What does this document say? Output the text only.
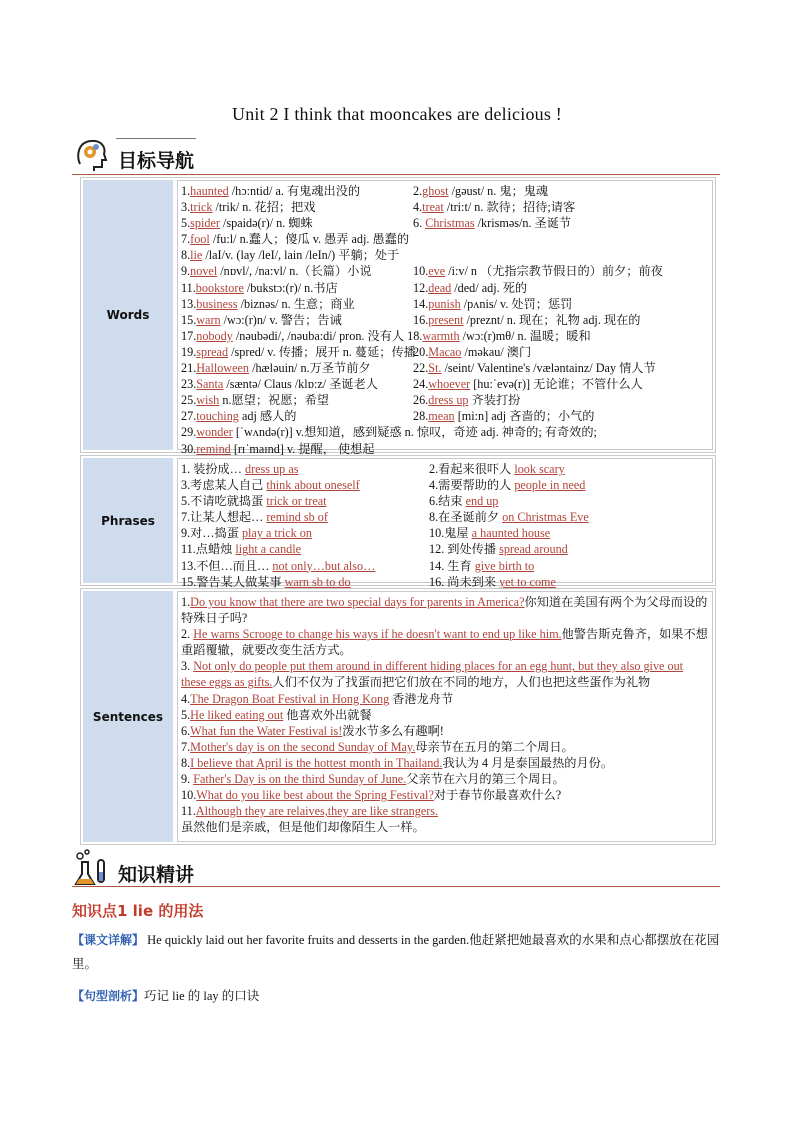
Unit 2 I think that mooncakes are delicious !
目标导航
Words
1.haunted /hɔ:ntid/ a. 有鬼魂出没的	2.ghost /gəust/ n. 鬼；鬼魂
3.trick /trik/ n. 花招；把戏	4.treat /tri:t/ n. 款待；招待;请客
5.spider /spaidə(r)/ n. 蜘蛛	6. Christmas /krisməs/n. 圣诞节
7.fool /fu:l/ n.蠢人；傻瓜 v. 愚弄 adj. 愚蠢的
8.lie /laI/v. (lay /leI/, lain /leIn/) 平躺；处于
9.novel /nɒvl/, /na:vl/ n.（长篇）小说	10.eve /i:v/ n （尤指宗教节假日的）前夕；前夜
11.bookstore /bukstɔ:(r)/ n.书店	12.dead /ded/ adj. 死的
13.business /biznəs/ n. 生意；商业	14.punish /pʌnis/ v. 处罚；惩罚
15.warn /wɔ:(r)n/ v. 警告；告诫	16.present /preznt/ n. 现在；礼物 adj. 现在的
17.nobody /nəubədi/, /nəuba:di/ pron. 没有人 18.warmth /wɔ:(r)mθ/ n. 温暖；暖和
19.spread /spred/ v. 传播；展开 n. 蔓延；传播
20.Macao /məkau/ 澳门
21.Halloween /hæləuin/ n.万圣节前夕	22.St. /seint/ Valentine's /vælәntainz/ Day 情人节
23.Santa /sæntə/ Claus /klɒ:z/ 圣诞老人	24.whoever [hu:ˈevə(r)] 无论谁；不管什么人
25.wish n.愿望；祝愿；希望	26.dress up 齐装打扮
27.touching adj 感人的	28.mean [mi:n] adj 吝啬的；小气的
29.wonder [ˈwʌndə(r)] v.想知道，感到疑惑 n. 惊叹，奇迹 adj. 神奇的; 有奇效的;
30.remind [rɪˈmaɪnd] v. 提醒， 使想起
Phrases
1. 装扮成… dress up as	2.看起来很吓人 look scary
3.考虑某人自己 think about oneself	4.需要帮助的人 people in need
5.不请吃就捣蛋 trick or treat	6.结束 end up
7.让某人想起… remind sb of	8.在圣诞前夕 on Christmas Eve
9.对…捣蛋 play a trick on	10.鬼屋 a haunted house
11.点蜡烛 light a candle	12. 到处传播 spread around
13.不但…而且… not only…but also…	14. 生育 give birth to
15.警告某人做某事 warn sb to do	16. 尚未到来 yet to come
Sentences
1.Do you know that there are two special days for parents in America?你知道在美国有两个为父母而设的特殊日子吗?
2. He warns Scrooge to change his ways if he doesn't want to end up like him.他警告斯克鲁齐，如果不想重蹈覆辙，就要改变生活方式。
3. Not only do people put them around in different hiding places for an egg hunt, but they also give out these eggs as gifts.人们不仅为了找蛋而把它们放在不同的地方，人们也把这些蛋作为礼物
4.The Dragon Boat Festival in Hong Kong 香港龙舟节
5.He liked eating out 他喜欢外出就餐
6.What fun the Water Festival is!泼水节多么有趣啊!
7.Mother's day is on the second Sunday of May.母亲节在五月的第二个周日。
8.I believe that April is the hottest month in Thailand.我认为 4 月是泰国最热的月份。
9. Father's Day is on the third Sunday of June.父亲节在六月的第三个周日。
10.What do you like best about the Spring Festival?对于春节你最喜欢什么?
11.Although they are relaives,they are like strangers.
虽然他们是亲戚，但是他们却像陌生人一样。
知识精讲
知识点1 lie 的用法
【课文详解】 He quickly laid out her favorite fruits and desserts in the garden.他赶紧把她最喜欢的水果和点心都摆放在花园里。
【句型剖析】巧记 lie 的 lay 的口诀
